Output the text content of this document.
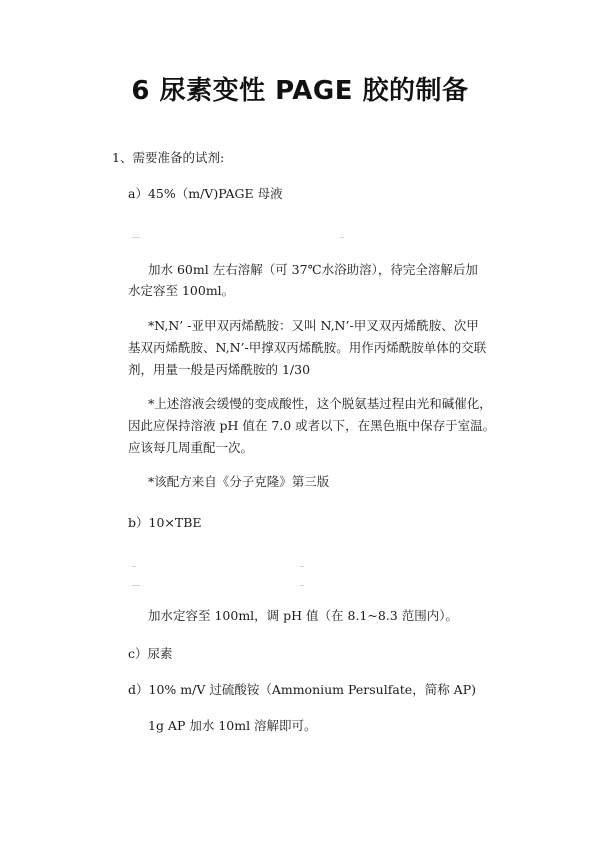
6 尿素变性 PAGE 胶的制备
1、需要准备的试剂:
a）45%（m/V)PAGE 母液
加水 60ml 左右溶解（可 37℃水浴助溶），待完全溶解后加
水定容至 100ml。
*N,N’ -亚甲双丙烯酰胺：又叫 N,N’-甲叉双丙烯酰胺、次甲
基双丙烯酰胺、N,N’-甲撑双丙烯酰胺。用作丙烯酰胺单体的交联
剂，用量一般是丙烯酰胺的 1/30
*上述溶液会缓慢的变成酸性，这个脱氨基过程由光和碱催化，
因此应保持溶液 pH 值在 7.0 或者以下，在黑色瓶中保存于室温。
应该每几周重配一次。
*该配方来自《分子克隆》第三版
b）10×TBE
加水定容至 100ml，调 pH 值（在 8.1~8.3 范围内）。
c）尿素
d）10% m/V 过硫酸铵（Ammonium Persulfate，简称 AP)
1g AP 加水 10ml 溶解即可。
